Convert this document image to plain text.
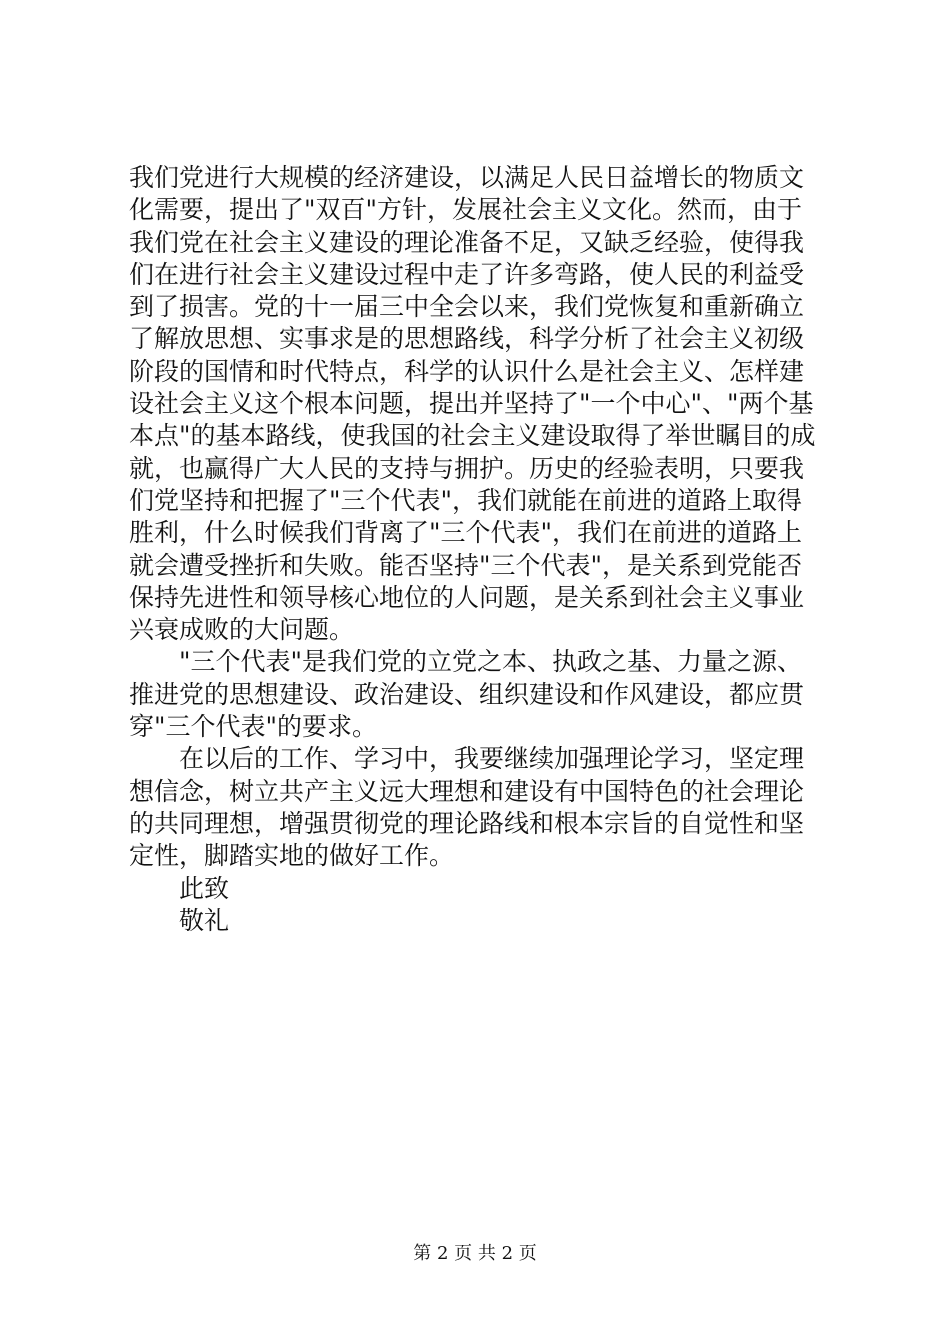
我们党进行大规模的经济建设，以满足人民日益增长的物质文
化需要，提出了"双百"方针，发展社会主义文化。然而，由于
我们党在社会主义建设的理论准备不足，又缺乏经验，使得我
们在进行社会主义建设过程中走了许多弯路，使人民的利益受
到了损害。党的十一届三中全会以来，我们党恢复和重新确立
了解放思想、实事求是的思想路线，科学分析了社会主义初级
阶段的国情和时代特点，科学的认识什么是社会主义、怎样建
设社会主义这个根本问题，提出并坚持了"一个中心"、"两个基
本点"的基本路线，使我国的社会主义建设取得了举世瞩目的成
就，也赢得广大人民的支持与拥护。历史的经验表明，只要我
们党坚持和把握了"三个代表"，我们就能在前进的道路上取得
胜利，什么时候我们背离了"三个代表"，我们在前进的道路上
就会遭受挫折和失败。能否坚持"三个代表"，是关系到党能否
保持先进性和领导核心地位的人问题，是关系到社会主义事业
兴衰成败的大问题。
"三个代表"是我们党的立党之本、执政之基、力量之源、
推进党的思想建设、政治建设、组织建设和作风建设，都应贯
穿"三个代表"的要求。
在以后的工作、学习中，我要继续加强理论学习，坚定理
想信念，树立共产主义远大理想和建设有中国特色的社会理论
的共同理想，增强贯彻党的理论路线和根本宗旨的自觉性和坚
定性，脚踏实地的做好工作。
此致
敬礼
第 2 页 共 2 页
